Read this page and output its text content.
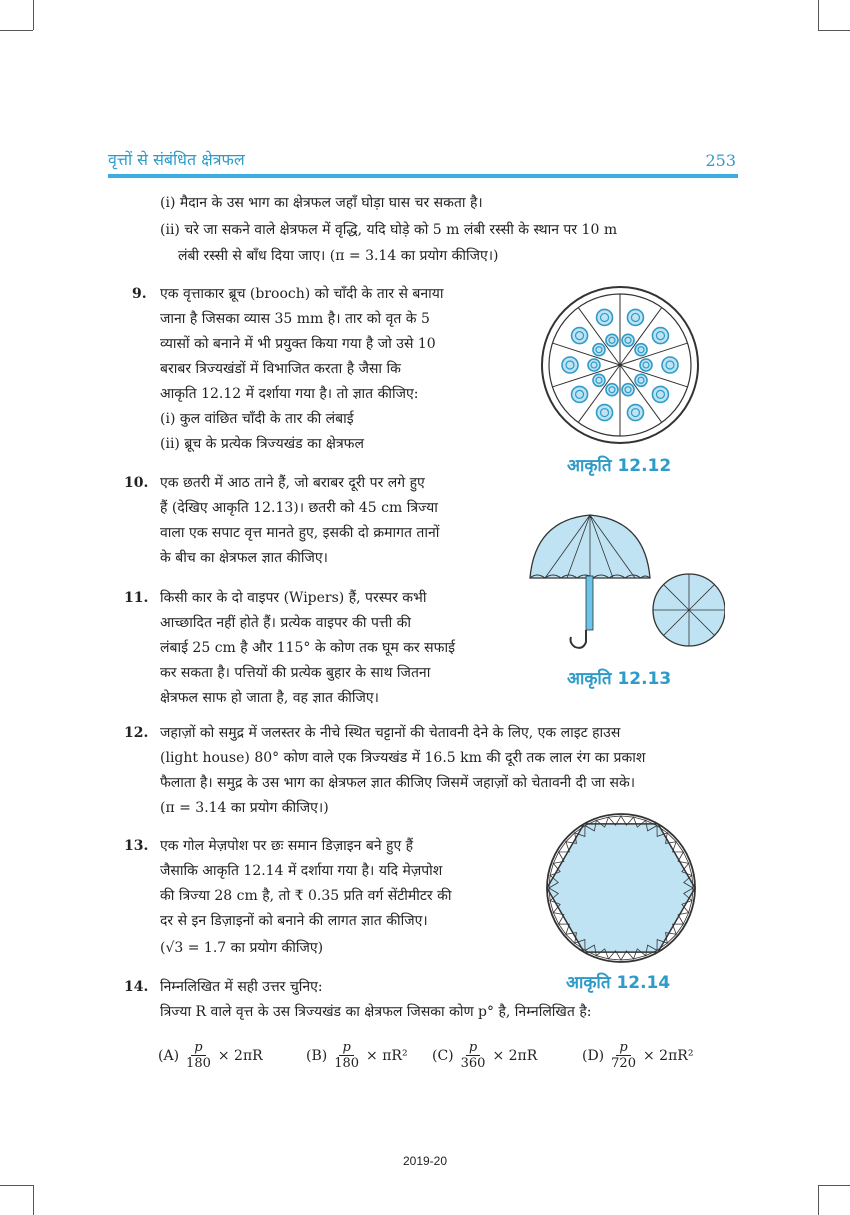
वृत्तों से संबंधित क्षेत्रफल	253
(i) मैदान के उस भाग का क्षेत्रफल जहाँ घोड़ा घास चर सकता है।
(ii) चरे जा सकने वाले क्षेत्रफल में वृद्धि, यदि घोड़े को 5 m लंबी रस्सी के स्थान पर 10 m
लंबी रस्सी से बाँध दिया जाए। (π = 3.14 का प्रयोग कीजिए।)
9. एक वृत्ताकार ब्रूच (brooch) को चाँदी के तार से बनाया
जाना है जिसका व्यास 35 mm है। तार को वृत के 5
व्यासों को बनाने में भी प्रयुक्त किया गया है जो उसे 10
बराबर त्रिज्यखंडों में विभाजित करता है जैसा कि
आकृति 12.12 में दर्शाया गया है। तो ज्ञात कीजिए:
(i) कुल वांछित चाँदी के तार की लंबाई
(ii) ब्रूच के प्रत्येक त्रिज्यखंड का क्षेत्रफल
आकृति 12.12
10. एक छतरी में आठ ताने हैं, जो बराबर दूरी पर लगे हुए
हैं (देखिए आकृति 12.13)। छतरी को 45 cm त्रिज्या
वाला एक सपाट वृत्त मानते हुए, इसकी दो क्रमागत तानों
के बीच का क्षेत्रफल ज्ञात कीजिए।
आकृति 12.13
11. किसी कार के दो वाइपर (Wipers) हैं, परस्पर कभी
आच्छादित नहीं होते हैं। प्रत्येक वाइपर की पत्ती की
लंबाई 25 cm है और 115° के कोण तक घूम कर सफाई
कर सकता है। पत्तियों की प्रत्येक बुहार के साथ जितना
क्षेत्रफल साफ हो जाता है, वह ज्ञात कीजिए।
12. जहाज़ों को समुद्र में जलस्तर के नीचे स्थित चट्टानों की चेतावनी देने के लिए, एक लाइट हाउस
(light house) 80° कोण वाले एक त्रिज्यखंड में 16.5 km की दूरी तक लाल रंग का प्रकाश
फैलाता है। समुद्र के उस भाग का क्षेत्रफल ज्ञात कीजिए जिसमें जहाज़ों को चेतावनी दी जा सके।
(π = 3.14 का प्रयोग कीजिए।)
13. एक गोल मेज़पोश पर छः समान डिज़ाइन बने हुए हैं
जैसाकि आकृति 12.14 में दर्शाया गया है। यदि मेज़पोश
की त्रिज्या 28 cm है, तो ₹ 0.35 प्रति वर्ग सेंटीमीटर की
दर से इन डिज़ाइनों को बनाने की लागत ज्ञात कीजिए।
(√3 = 1.7 का प्रयोग कीजिए)
आकृति 12.14
14. निम्नलिखित में सही उत्तर चुनिए:
त्रिज्या R वाले वृत्त के उस त्रिज्यखंड का क्षेत्रफल जिसका कोण p° है, निम्नलिखित है:
$(A) \frac{p}{180} \times 2\pi R$	$(B) \frac{p}{180} \times \pi R^2$ $(C) \frac{p}{360} \times 2\pi R$	$(D) \frac{p}{720} \times 2\pi R^2$
2019-20
